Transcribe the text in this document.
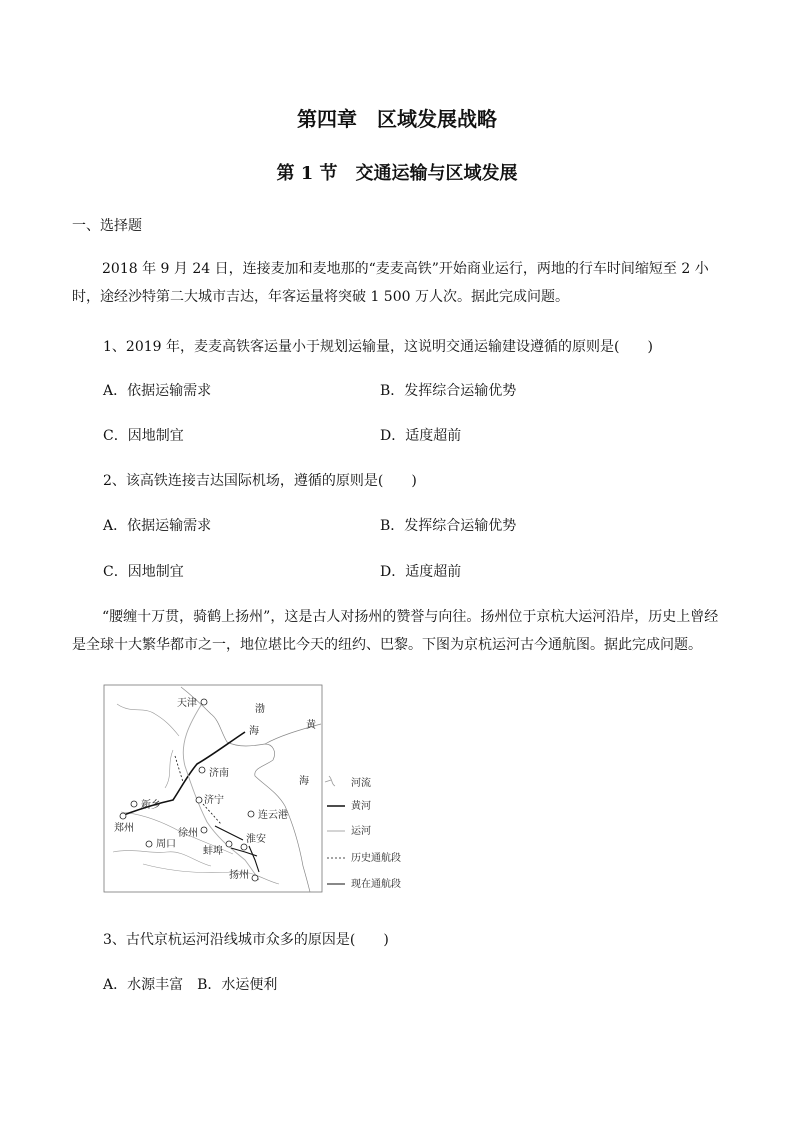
第四章　区域发展战略
第 1 节　交通运输与区域发展
一、选择题
2018 年 9 月 24 日，连接麦加和麦地那的“麦麦高铁”开始商业运行，两地的行车时间缩短至 2 小时，途经沙特第二大城市吉达，年客运量将突破 1 500 万人次。据此完成问题。
1、2019 年，麦麦高铁客运量小于规划运输量，这说明交通运输建设遵循的原则是(　　)
A．依据运输需求	B．发挥综合运输优势
C．因地制宜	D．适度超前
2、该高铁连接吉达国际机场，遵循的原则是(　　)
A．依据运输需求	B．发挥综合运输优势
C．因地制宜	D．适度超前
“腰缠十万贯，骑鹤上扬州”，这是古人对扬州的赞誉与向往。扬州位于京杭大运河沿岸，历史上曾经是全球十大繁华都市之一，地位堪比今天的纽约、巴黎。下图为京杭运河古今通航图。据此完成问题。
天津
济南
济宁
新乡
郑州	徐州
周口
蚌埠
淮安
扬州
连云港
渤
海
黄
海	河流
黄河
运河
历史通航段
现在通航段
3、古代京杭运河沿线城市众多的原因是(　　)
A．水源丰富　B．水运便利
